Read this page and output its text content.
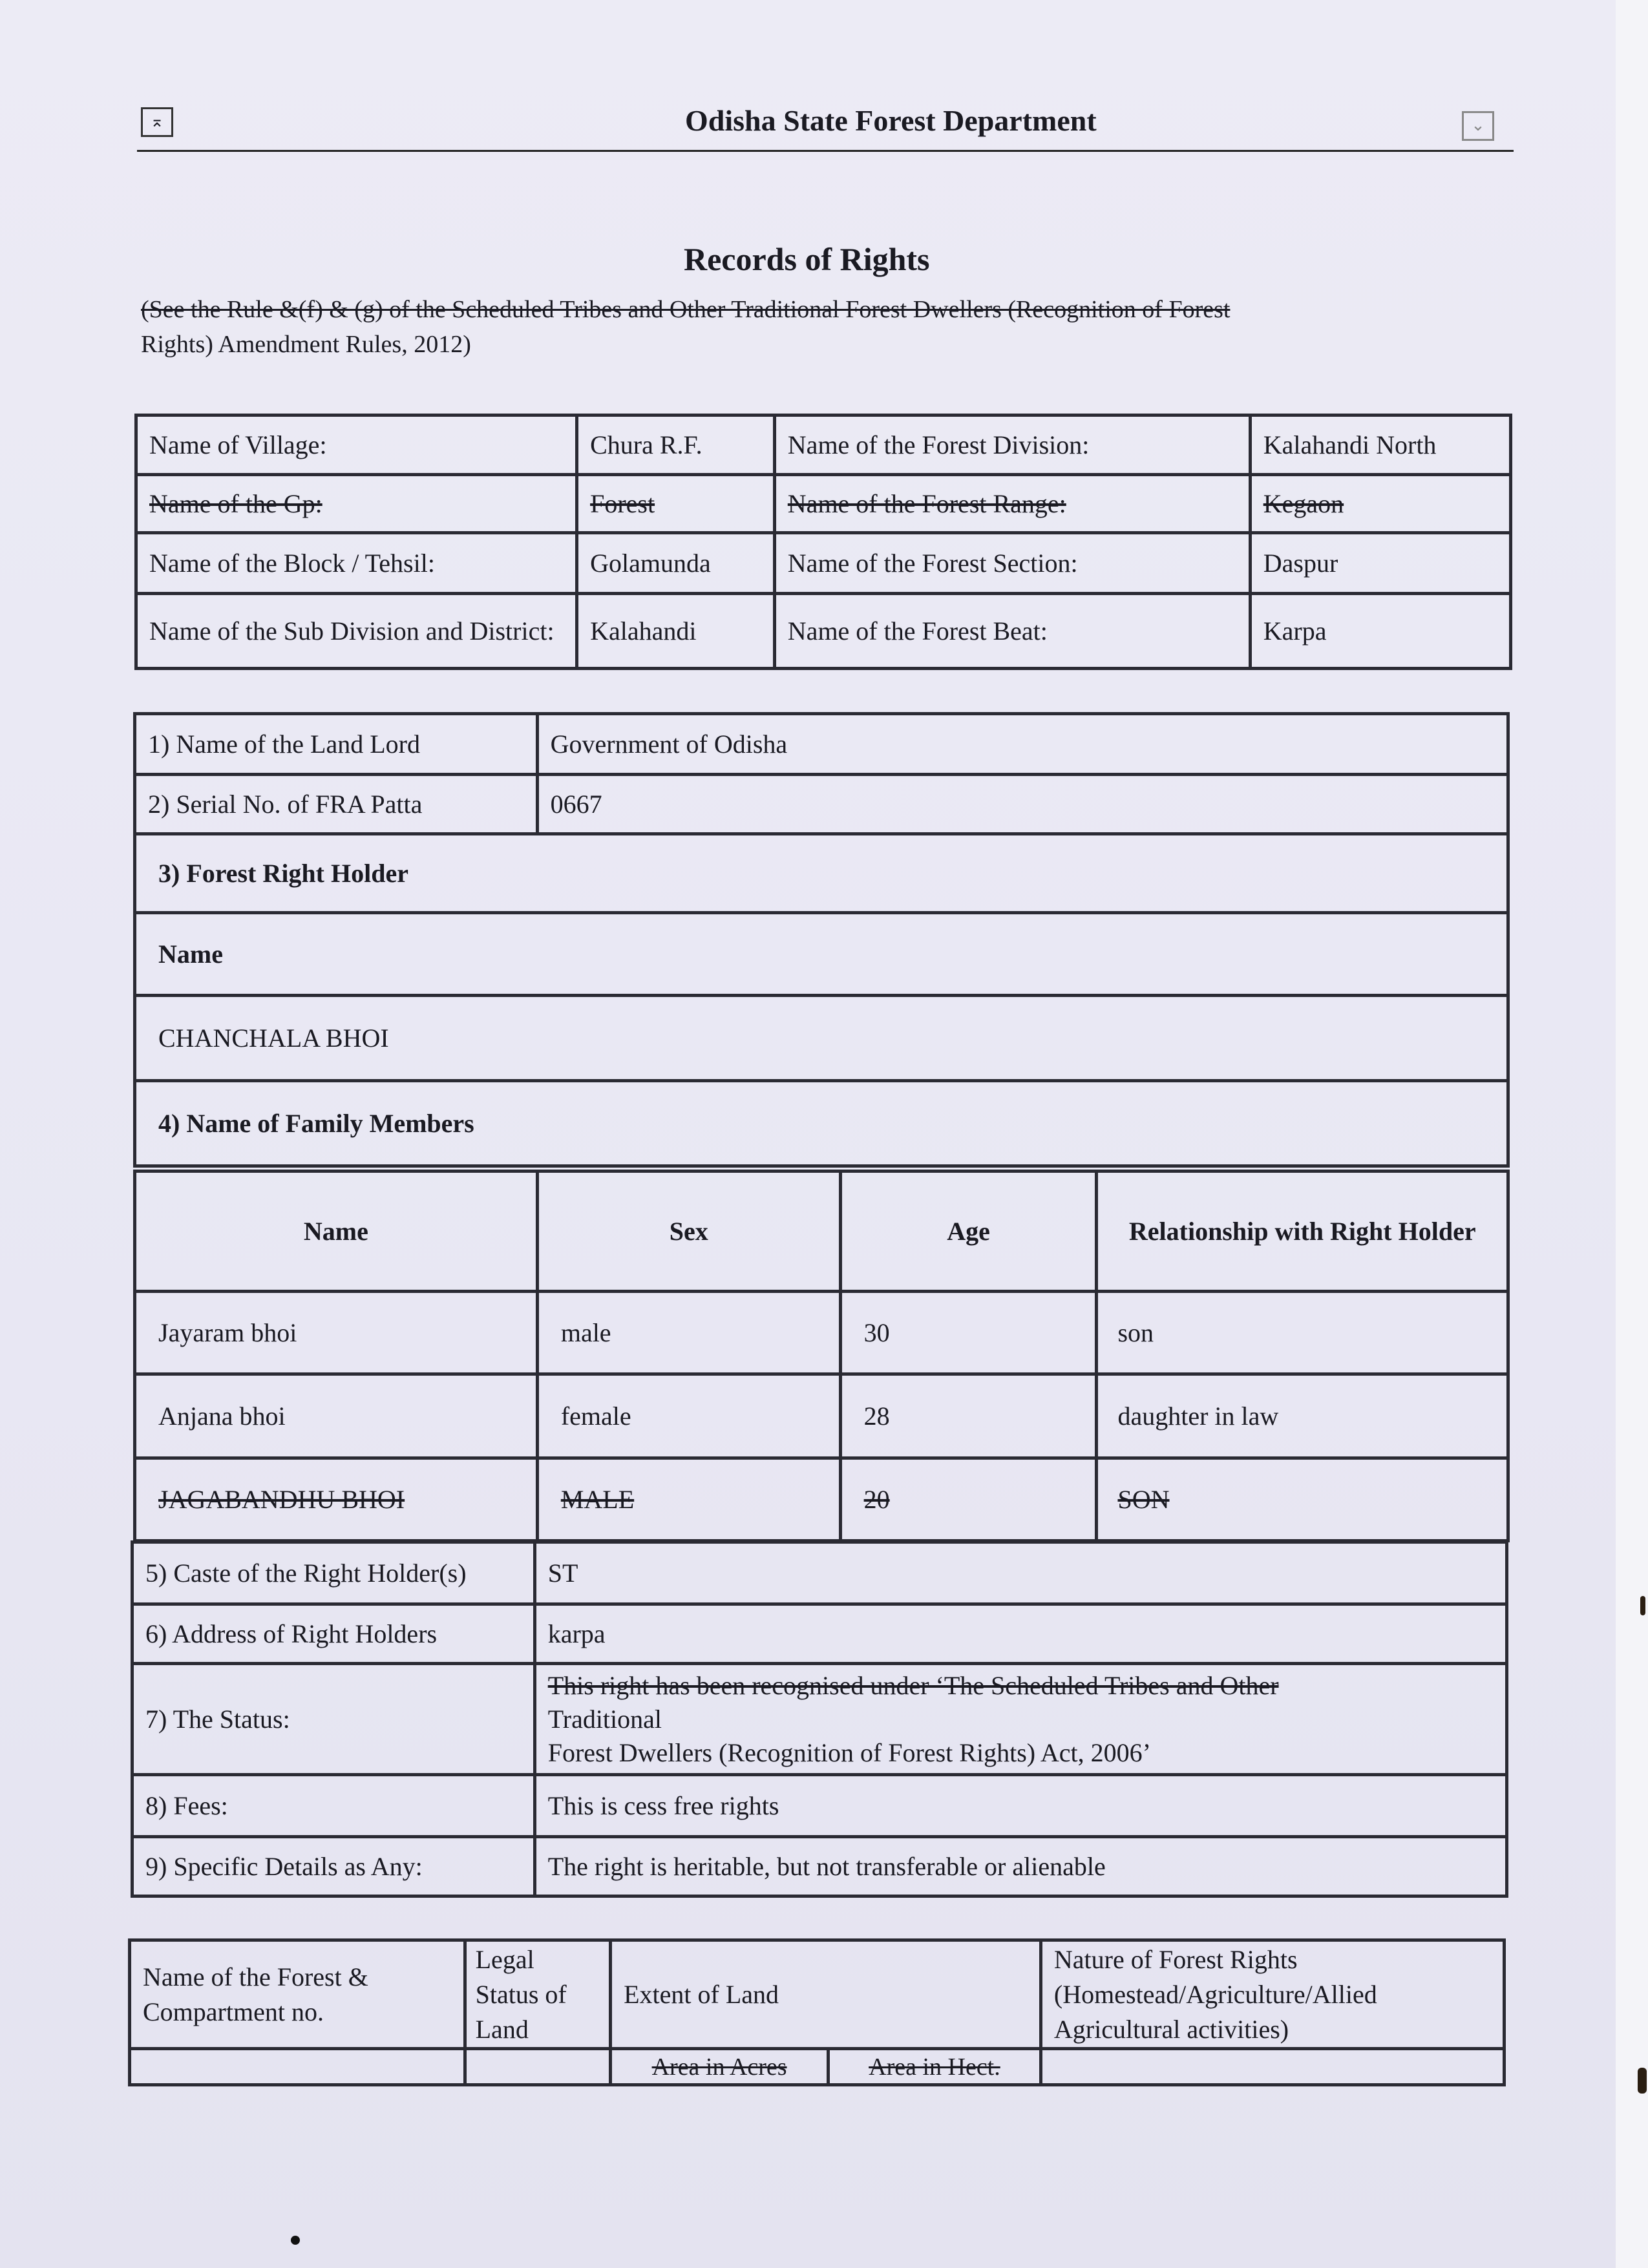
⌅	⌄
Odisha State Forest Department
Records of Rights
(See the Rule &(f) & (g) of the Scheduled Tribes and Other Traditional Forest Dwellers (Recognition of Forest
Rights) Amendment Rules, 2012)
Name of Village:	Chura R.F.	Name of the Forest Division:	Kalahandi North
Name of the Gp:	Forest	Name of the Forest Range:	Kegaon
Name of the Block / Tehsil:	Golamunda	Name of the Forest Section:	Daspur
Name of the Sub Division and District:	Kalahandi	Name of the Forest Beat:	Karpa
1) Name of the Land Lord	Government of Odisha
2) Serial No. of FRA Patta	0667
3) Forest Right Holder	
Name	
CHANCHALA BHOI	
4) Name of Family Members	
Name	Sex	Age	Relationship with Right Holder
Jayaram bhoi	male	30	son
Anjana bhoi	female	28	daughter in law
JAGABANDHU BHOI	MALE	20	SON
5) Caste of the Right Holder(s)	ST
6) Address of Right Holders	karpa
7) The Status:	This right has been recognised under ‘The Scheduled Tribes and Other
Traditional
Forest Dwellers (Recognition of Forest Rights) Act, 2006’

8) Fees:	This is cess free rights
9) Specific Details as Any:	The right is heritable, but not transferable or alienable
Name of the Forest & Compartment no.	Legal Status of Land	Extent of Land		Nature of Forest Rights (Homestead/Agriculture/Allied Agricultural activities)
		Area in Acres	Area in Hect.	
